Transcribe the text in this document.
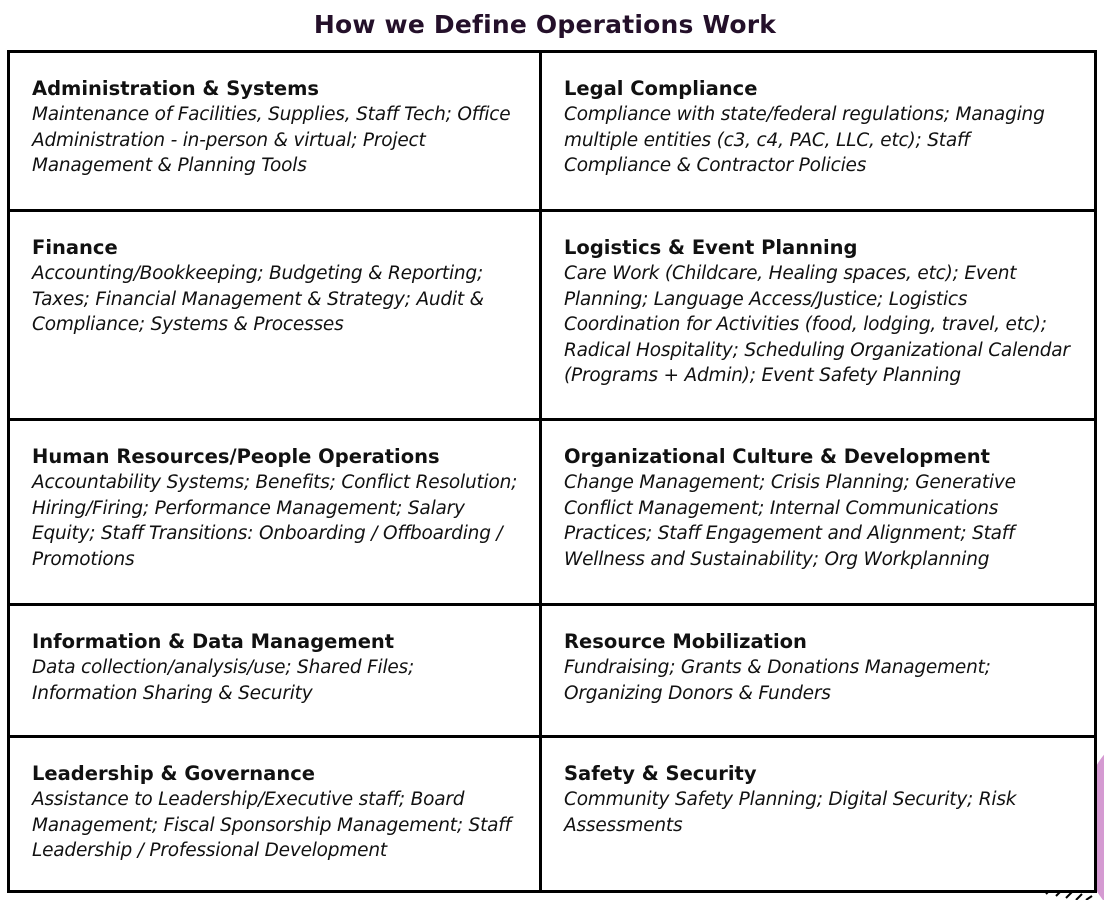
How we Define Operations Work
Administration & Systems
Maintenance of Facilities, Supplies, Staff Tech; Office Administration - in-person & virtual; Project Management & Planning Tools
Legal Compliance
Compliance with state/federal regulations; Managing multiple entities (c3, c4, PAC, LLC, etc); Staff Compliance & Contractor Policies
Finance
Accounting/Bookkeeping; Budgeting & Reporting; Taxes; Financial Management & Strategy; Audit & Compliance; Systems & Processes
Logistics & Event Planning
Care Work (Childcare, Healing spaces, etc); Event Planning; Language Access/Justice; Logistics Coordination for Activities (food, lodging, travel, etc); Radical Hospitality; Scheduling Organizational Calendar (Programs + Admin); Event Safety Planning
Human Resources/People Operations
Accountability Systems; Benefits; Conflict Resolution; Hiring/Firing; Performance Management; Salary Equity; Staff Transitions: Onboarding / Offboarding / Promotions
Organizational Culture & Development
Change Management; Crisis Planning; Generative Conflict Management; Internal Communications Practices; Staff Engagement and Alignment; Staff Wellness and Sustainability; Org Workplanning
Information & Data Management
Data collection/analysis/use; Shared Files; Information Sharing & Security
Resource Mobilization
Fundraising; Grants & Donations Management; Organizing Donors & Funders
Leadership & Governance
Assistance to Leadership/Executive staff; Board Management; Fiscal Sponsorship Management; Staff Leadership / Professional Development
Safety & Security
Community Safety Planning; Digital Security; Risk Assessments
